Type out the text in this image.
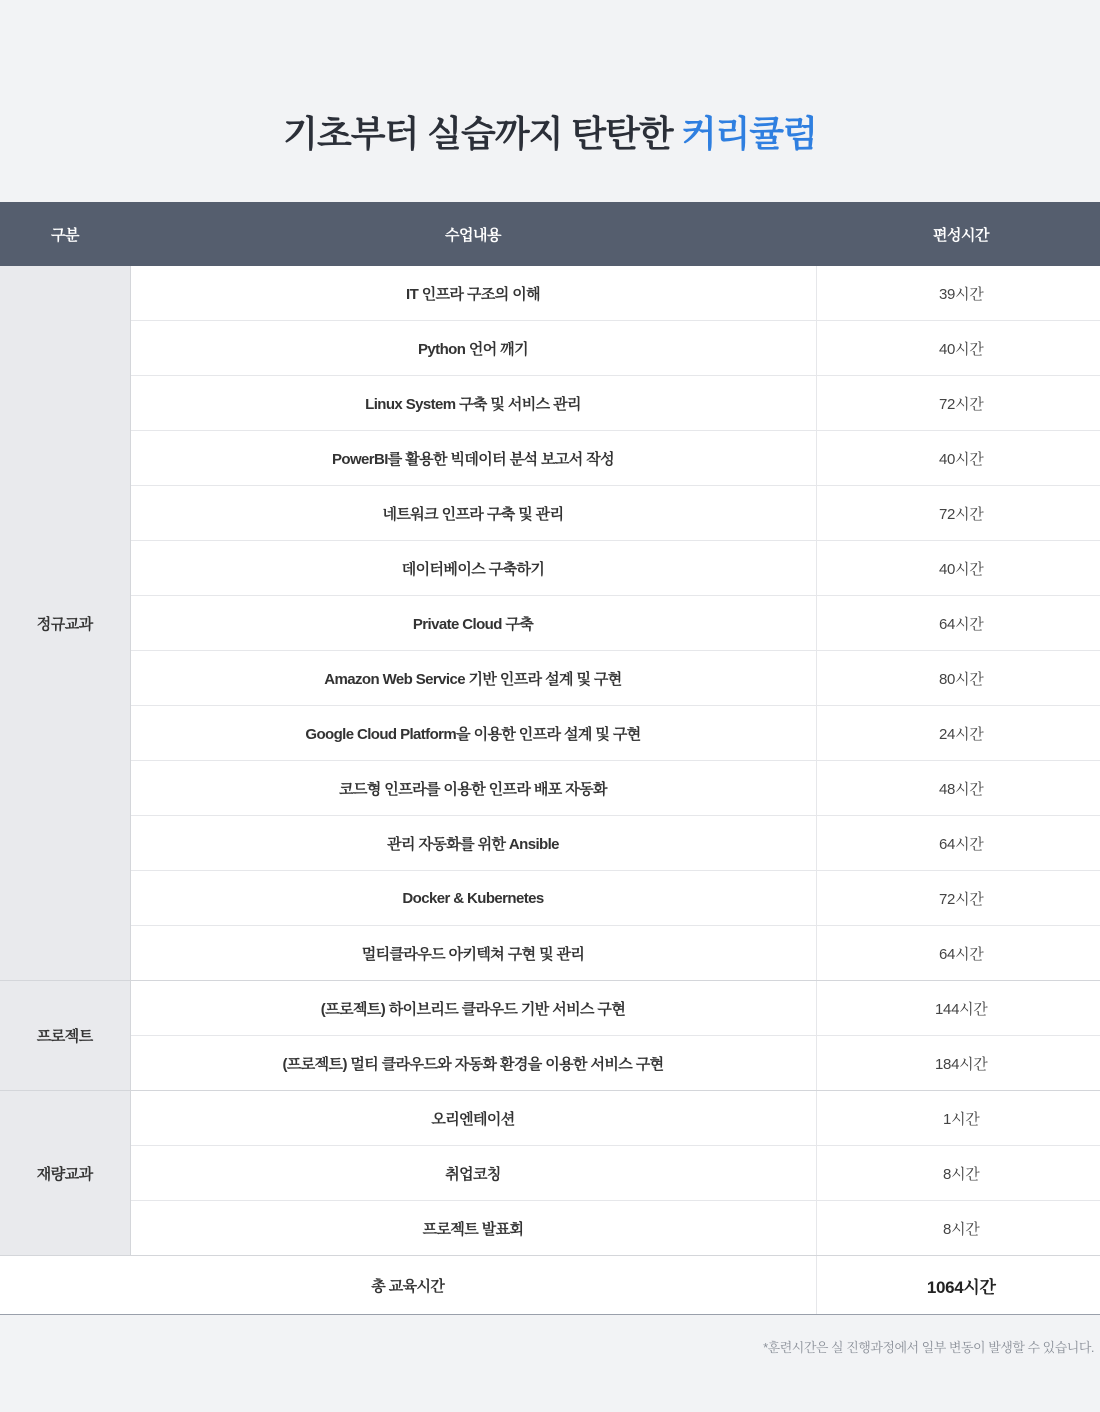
기초부터 실습까지 탄탄한 커리큘럼
구분	수업내용	편성시간
정규교과	IT 인프라 구조의 이해	39시간
	Python 언어 깨기	40시간
	Linux System 구축 및 서비스 관리	72시간
	PowerBI를 활용한 빅데이터 분석 보고서 작성	40시간
	네트워크 인프라 구축 및 관리	72시간
	데이터베이스 구축하기	40시간
	Private Cloud 구축	64시간
	Amazon Web Service 기반 인프라 설계 및 구현	80시간
	Google Cloud Platform을 이용한 인프라 설계 및 구현	24시간
	코드형 인프라를 이용한 인프라 배포 자동화	48시간
	관리 자동화를 위한 Ansible	64시간
	Docker & Kubernetes	72시간
	멀티클라우드 아키텍쳐 구현 및 관리	64시간
프로젝트	(프로젝트) 하이브리드 클라우드 기반 서비스 구현	144시간
	(프로젝트) 멀티 클라우드와 자동화 환경을 이용한 서비스 구현	184시간
재량교과	오리엔테이션	1시간
	취업코칭	8시간
	프로젝트 발표회	8시간
총 교육시간		1064시간
*훈련시간은 실 진행과정에서 일부 변동이 발생할 수 있습니다.
